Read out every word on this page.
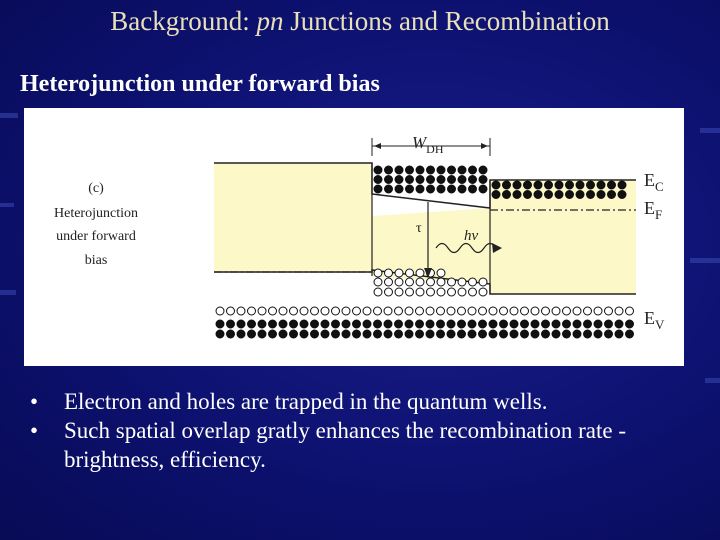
Background: pn Junctions and Recombination
Heterojunction under forward bias
$W_{DH}$
τ	hν
$E_C$
$E_F$
$E_V$
(c)
Heterojunction
under forward
bias
• Electron and holes are trapped in the quantum wells.
• Such spatial overlap gratly enhances the recombination rate - brightness, efficiency.
